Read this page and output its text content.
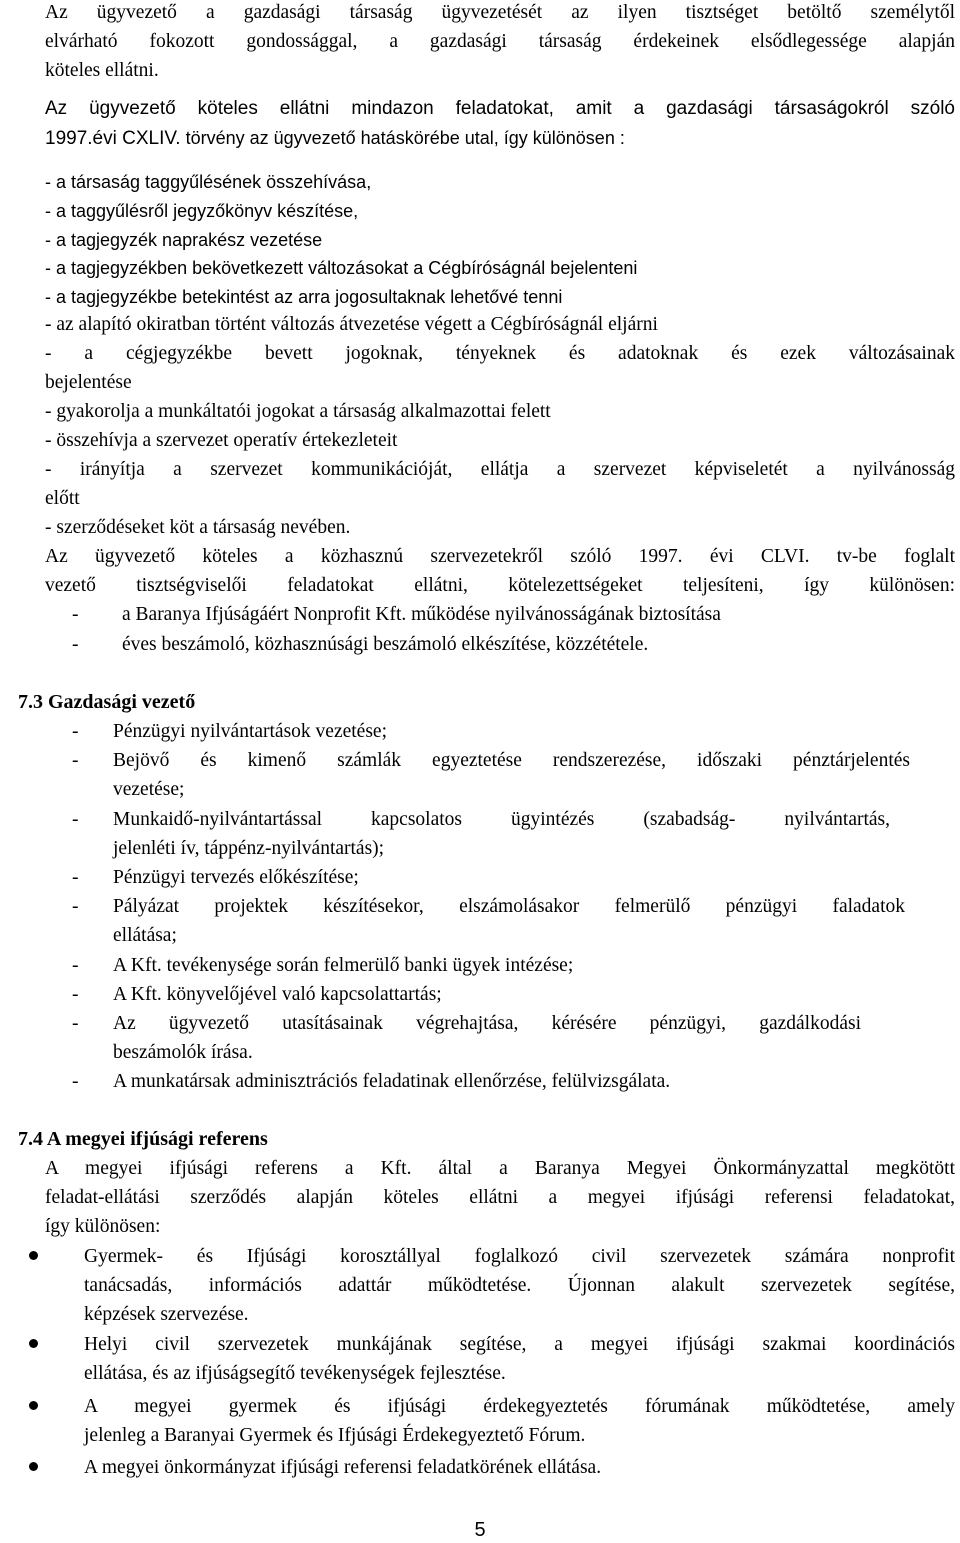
Az ügyvezető a gazdasági társaság ügyvezetését az ilyen tisztséget betöltő személytől
elvárható fokozott gondossággal, a gazdasági társaság érdekeinek elsődlegessége alapján
köteles ellátni.
Az ügyvezető köteles ellátni mindazon feladatokat, amit a gazdasági társaságokról szóló
1997.évi CXLIV. törvény az ügyvezető hatáskörébe utal, így különösen :
- a társaság taggyűlésének összehívása,
- a taggyűlésről jegyzőkönyv készítése,
- a tagjegyzék naprakész vezetése
- a tagjegyzékben bekövetkezett változásokat a Cégbíróságnál bejelenteni
- a tagjegyzékbe betekintést az arra jogosultaknak lehetővé tenni
- az alapító okiratban történt változás átvezetése végett a Cégbíróságnál eljárni
- a cégjegyzékbe bevett jogoknak, tényeknek és adatoknak és ezek változásainak
bejelentése
- gyakorolja a munkáltatói jogokat a társaság alkalmazottai felett
- összehívja a szervezet operatív értekezleteit
- irányítja a szervezet kommunikációját, ellátja a szervezet képviseletét a nyilvánosság
előtt
- szerződéseket köt a társaság nevében.
Az ügyvezető köteles a közhasznú szervezetekről szóló 1997. évi CLVI. tv-be foglalt
vezető tisztségviselői feladatokat ellátni, kötelezettségeket teljesíteni, így különösen:
- a Baranya Ifjúságáért Nonprofit Kft. működése nyilvánosságának biztosítása
- éves beszámoló, közhasznúsági beszámoló elkészítése, közzététele.
7.3 Gazdasági vezető
- Pénzügyi nyilvántartások vezetése;
- Bejövő és kimenő számlák egyeztetése rendszerezése, időszaki pénztárjelentés
vezetése;
- Munkaidő-nyilvántartással kapcsolatos ügyintézés (szabadság- nyilvántartás,
jelenléti ív, táppénz-nyilvántartás);
- Pénzügyi tervezés előkészítése;
- Pályázat projektek készítésekor, elszámolásakor felmerülő pénzügyi faladatok
ellátása;
- A Kft. tevékenysége során felmerülő banki ügyek intézése;
- A Kft. könyvelőjével való kapcsolattartás;
- Az ügyvezető utasításainak végrehajtása, kérésére pénzügyi, gazdálkodási
beszámolók írása.
- A munkatársak adminisztrációs feladatinak ellenőrzése, felülvizsgálata.
7.4 A megyei ifjúsági referens
A megyei ifjúsági referens a Kft. által a Baranya Megyei Önkormányzattal megkötött
feladat-ellátási szerződés alapján köteles ellátni a megyei ifjúsági referensi feladatokat,
így különösen:
Gyermek- és Ifjúsági korosztállyal foglalkozó civil szervezetek számára nonprofit
tanácsadás, információs adattár működtetése. Újonnan alakult szervezetek segítése,
képzések szervezése.
Helyi civil szervezetek munkájának segítése, a megyei ifjúsági szakmai koordinációs
ellátása, és az ifjúságsegítő tevékenységek fejlesztése.
A megyei gyermek és ifjúsági érdekegyeztetés fórumának működtetése, amely
jelenleg a Baranyai Gyermek és Ifjúsági Érdekegyeztető Fórum.
A megyei önkormányzat ifjúsági referensi feladatkörének ellátása.
5
